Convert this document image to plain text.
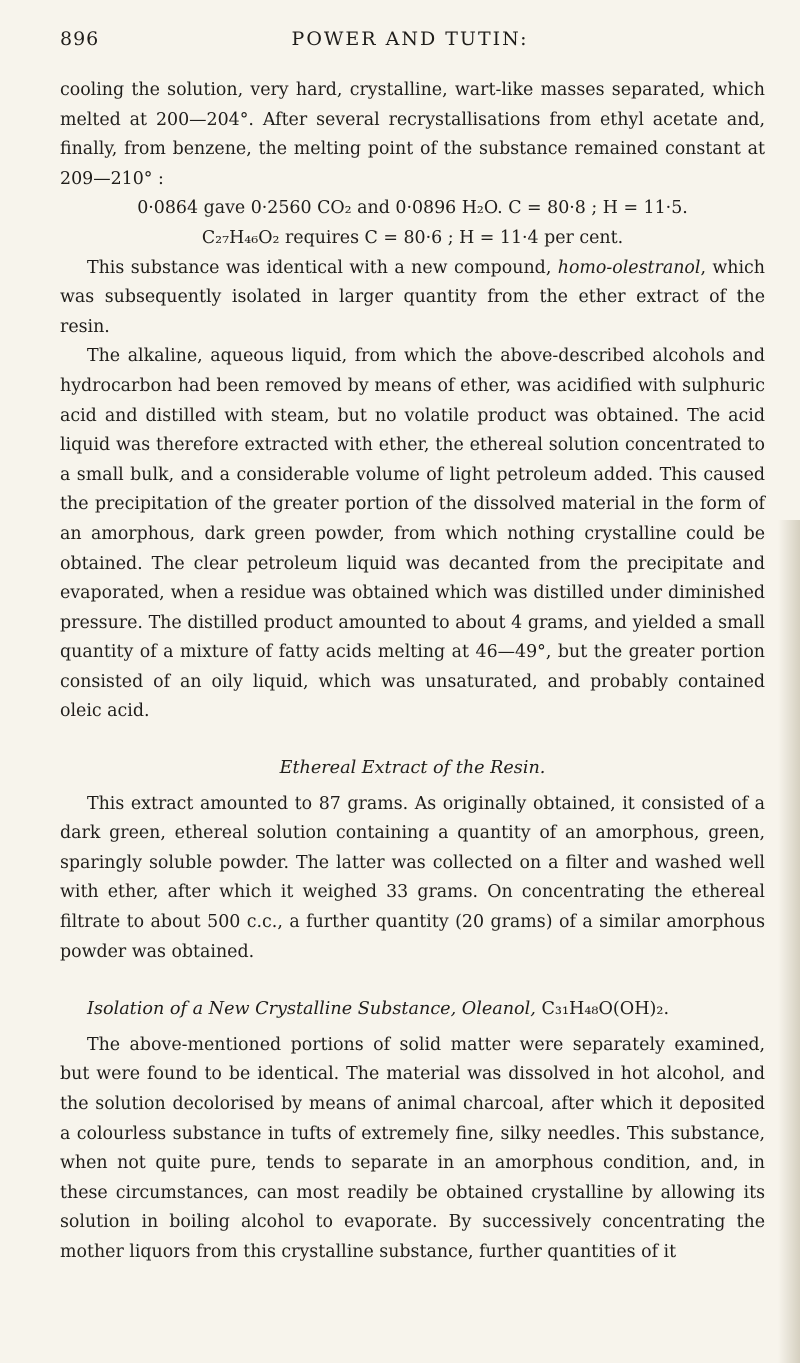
896	POWER AND TUTIN:

cooling the solution, very hard, crystalline, wart-like masses separated, which melted at 200—204°. After several recrystallisations from ethyl acetate and, finally, from benzene, the melting point of the substance remained constant at 209—210° :

0·0864 gave 0·2560 CO₂ and 0·0896 H₂O. C = 80·8 ; H = 11·5.
C₂₇H₄₆O₂ requires C = 80·6 ; H = 11·4 per cent.

This substance was identical with a new compound, homo-olestranol, which was subsequently isolated in larger quantity from the ether extract of the resin.

The alkaline, aqueous liquid, from which the above-described alcohols and hydrocarbon had been removed by means of ether, was acidified with sulphuric acid and distilled with steam, but no volatile product was obtained. The acid liquid was therefore extracted with ether, the ethereal solution concentrated to a small bulk, and a considerable volume of light petroleum added. This caused the precipitation of the greater portion of the dissolved material in the form of an amorphous, dark green powder, from which nothing crystalline could be obtained. The clear petroleum liquid was decanted from the precipitate and evaporated, when a residue was obtained which was distilled under diminished pressure. The distilled product amounted to about 4 grams, and yielded a small quantity of a mixture of fatty acids melting at 46—49°, but the greater portion consisted of an oily liquid, which was unsaturated, and probably contained oleic acid.

Ethereal Extract of the Resin.

This extract amounted to 87 grams. As originally obtained, it consisted of a dark green, ethereal solution containing a quantity of an amorphous, green, sparingly soluble powder. The latter was collected on a filter and washed well with ether, after which it weighed 33 grams. On concentrating the ethereal filtrate to about 500 c.c., a further quantity (20 grams) of a similar amorphous powder was obtained.

Isolation of a New Crystalline Substance, Oleanol, C₃₁H₄₈O(OH)₂.

The above-mentioned portions of solid matter were separately examined, but were found to be identical. The material was dissolved in hot alcohol, and the solution decolorised by means of animal charcoal, after which it deposited a colourless substance in tufts of extremely fine, silky needles. This substance, when not quite pure, tends to separate in an amorphous condition, and, in these circumstances, can most readily be obtained crystalline by allowing its solution in boiling alcohol to evaporate. By successively concentrating the mother liquors from this crystalline substance, further quantities of it
